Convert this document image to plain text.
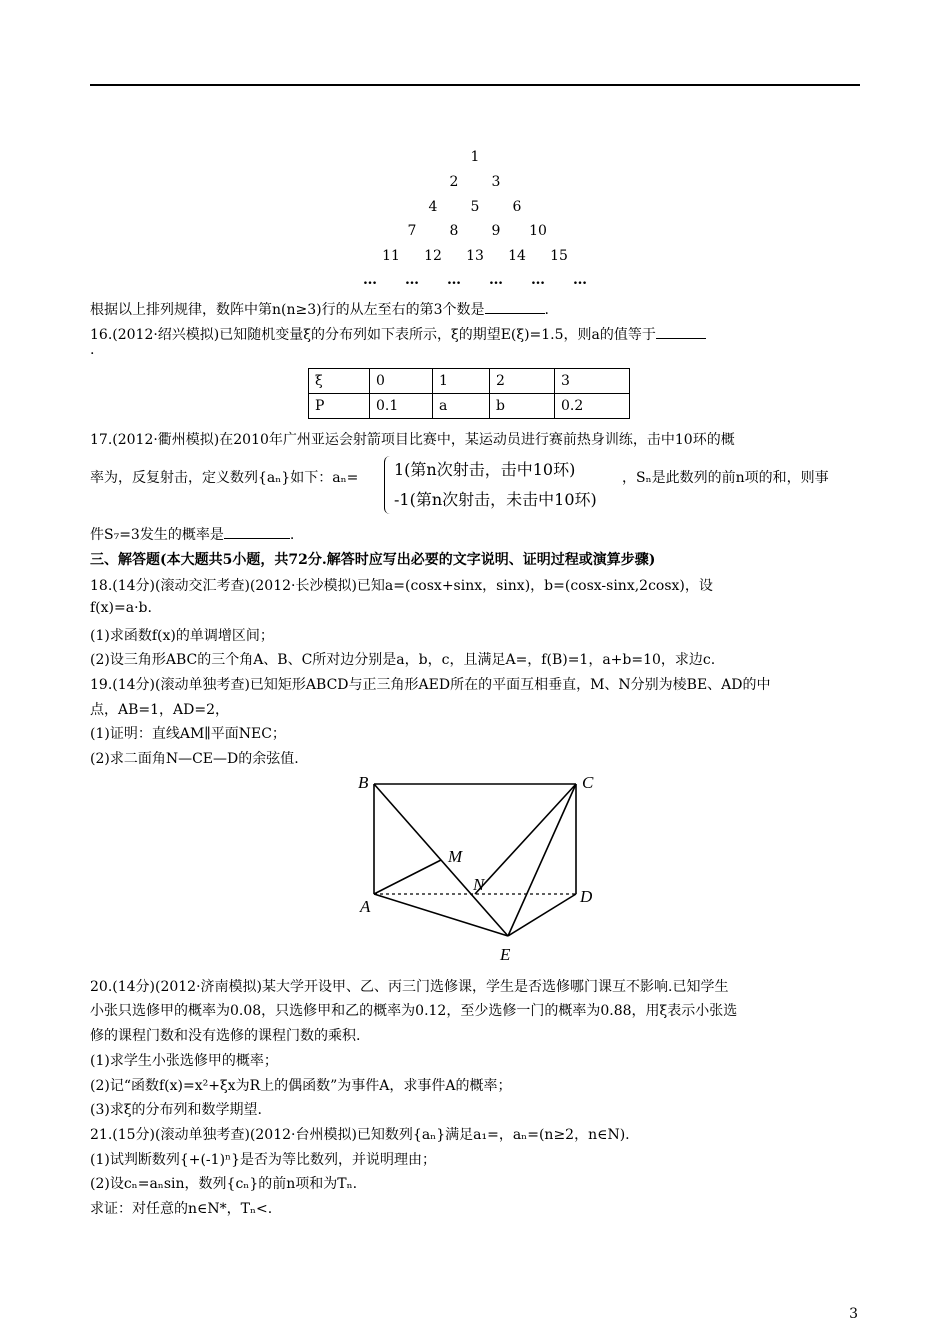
1
2 3
4 5 6
7 8 9 10
11 12 13 14 15
… … … … … …
根据以上排列规律，数阵中第n(n≥3)行的从左至右的第3个数是	.
16.(2012·绍兴模拟)已知随机变量ξ的分布列如下表所示，ξ的期望E(ξ)=1.5，则a的值等于
.
ξ	0	1	2	3
P	0.1	a	b	0.2
17.(2012·衢州模拟)在2010年广州亚运会射箭项目比赛中，某运动员进行赛前热身训练，击中10环的概
率为，反复射击，定义数列{aₙ}如下：aₙ= 1(第n次射击，击中10环)
-1(第n次射击，未击中10环)
，Sₙ是此数列的前n项的和，则事
件S₇=3发生的概率是	.
三、解答题(本大题共5小题，共72分.解答时应写出必要的文字说明、证明过程或演算步骤)
18.(14分)(滚动交汇考查)(2012·长沙模拟)已知a=(cosx+sinx，sinx)，b=(cosx-sinx,2cosx)，设
f(x)=a·b.
(1)求函数f(x)的单调增区间；
(2)设三角形ABC的三个角A、B、C所对边分别是a，b，c，且满足A=，f(B)=1，a+b=10，求边c.
19.(14分)(滚动单独考查)已知矩形ABCD与正三角形AED所在的平面互相垂直，M、N分别为棱BE、AD的中
点，AB=1，AD=2，
(1)证明：直线AM∥平面NEC；
(2)求二面角N—CE—D的余弦值.
B	C
M
N
A
D
E
20.(14分)(2012·济南模拟)某大学开设甲、乙、丙三门选修课，学生是否选修哪门课互不影响.已知学生
小张只选修甲的概率为0.08，只选修甲和乙的概率为0.12，至少选修一门的概率为0.88，用ξ表示小张选
修的课程门数和没有选修的课程门数的乘积.
(1)求学生小张选修甲的概率；
(2)记“函数f(x)=x²+ξx为R上的偶函数”为事件A，求事件A的概率；
(3)求ξ的分布列和数学期望.
21.(15分)(滚动单独考查)(2012·台州模拟)已知数列{aₙ}满足a₁=，aₙ=(n≥2，n∈N).
(1)试判断数列{+(-1)ⁿ}是否为等比数列，并说明理由；
(2)设cₙ=aₙsin，数列{cₙ}的前n项和为Tₙ.
求证：对任意的n∈N*，Tₙ<.
3
